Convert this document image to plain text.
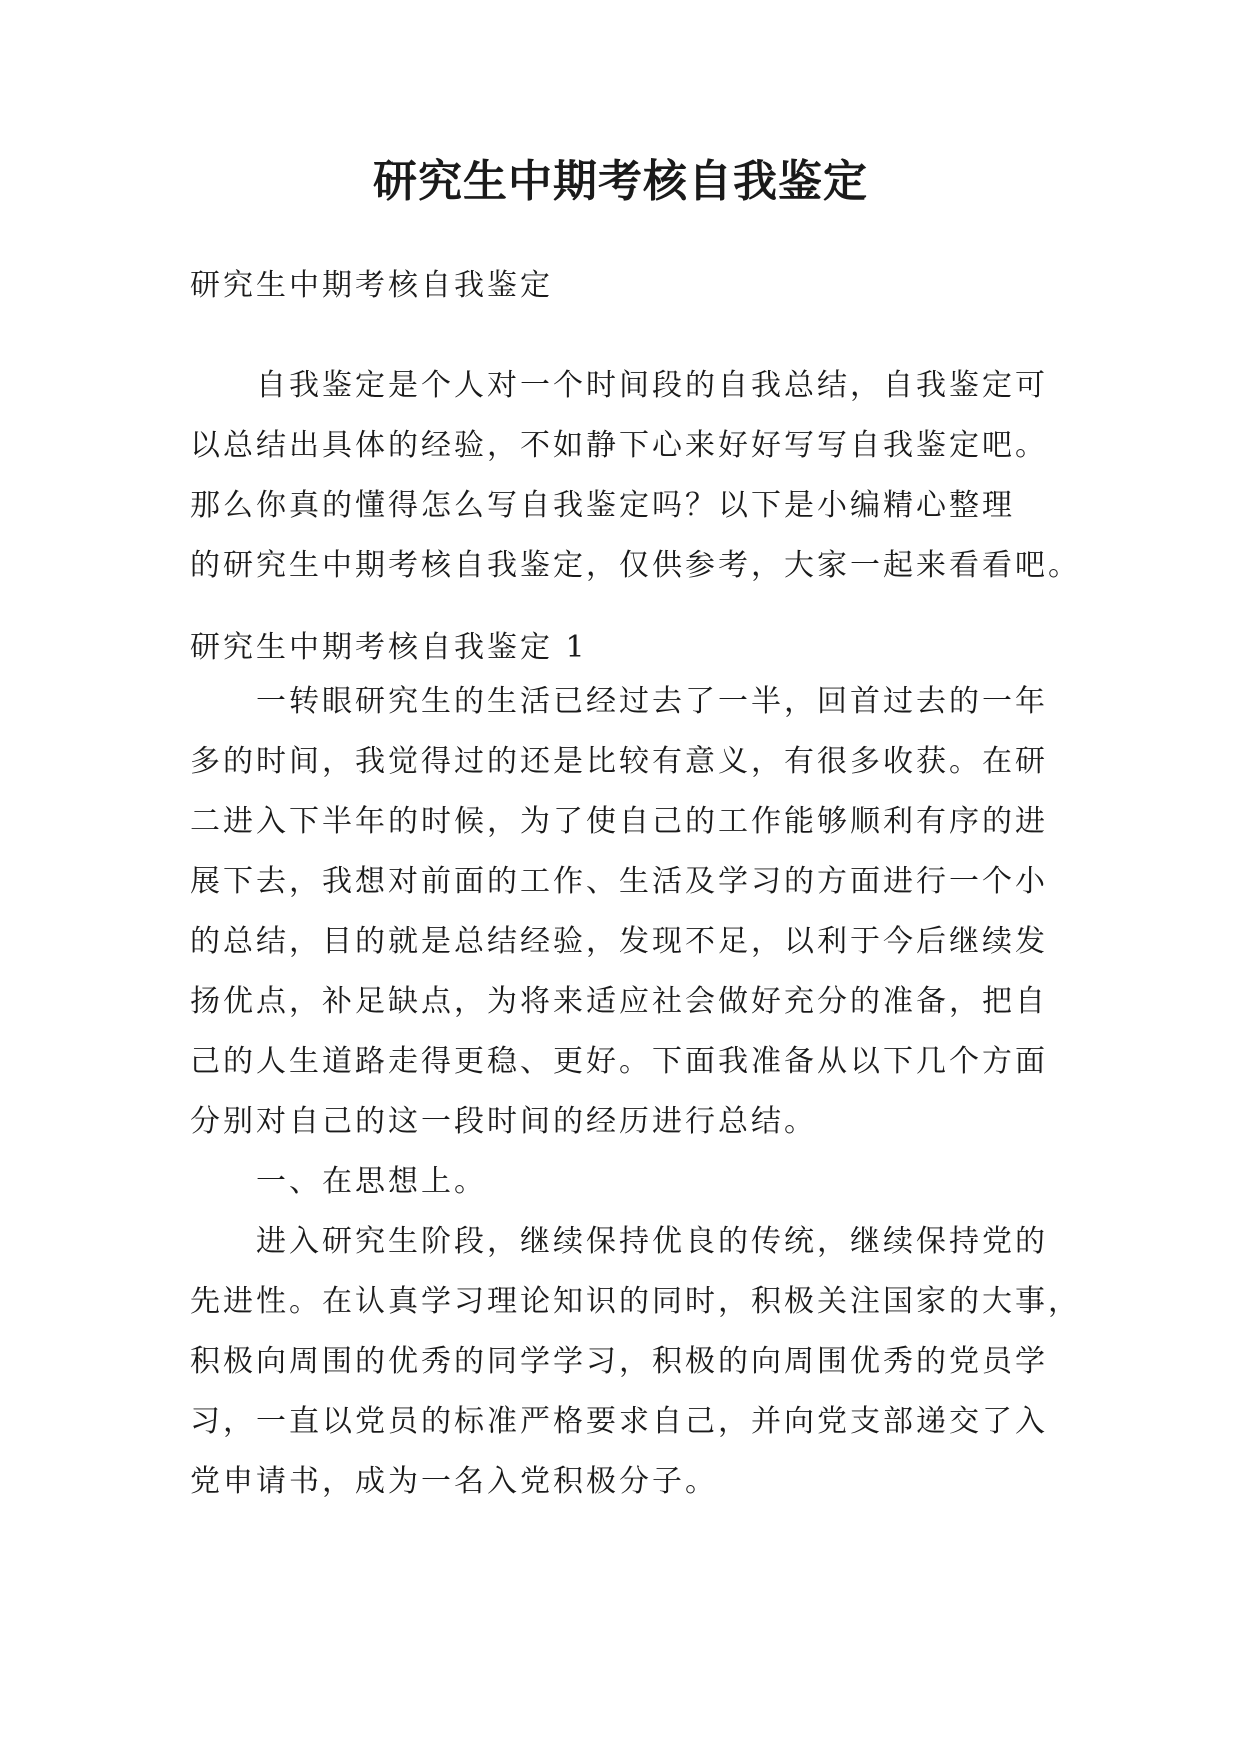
研究生中期考核自我鉴定

研究生中期考核自我鉴定

自我鉴定是个人对一个时间段的自我总结，自我鉴定可
以总结出具体的经验，不如静下心来好好写写自我鉴定吧。
那么你真的懂得怎么写自我鉴定吗？以下是小编精心整理
的研究生中期考核自我鉴定，仅供参考，大家一起来看看吧。

研究生中期考核自我鉴定 1

一转眼研究生的生活已经过去了一半，回首过去的一年
多的时间，我觉得过的还是比较有意义，有很多收获。在研
二进入下半年的时候，为了使自己的工作能够顺利有序的进
展下去，我想对前面的工作、生活及学习的方面进行一个小
的总结，目的就是总结经验，发现不足，以利于今后继续发
扬优点，补足缺点，为将来适应社会做好充分的准备，把自
己的人生道路走得更稳、更好。下面我准备从以下几个方面
分别对自己的这一段时间的经历进行总结。

一、在思想上。

进入研究生阶段，继续保持优良的传统，继续保持党的
先进性。在认真学习理论知识的同时，积极关注国家的大事，
积极向周围的优秀的同学学习，积极的向周围优秀的党员学
习，一直以党员的标准严格要求自己，并向党支部递交了入
党申请书，成为一名入党积极分子。
